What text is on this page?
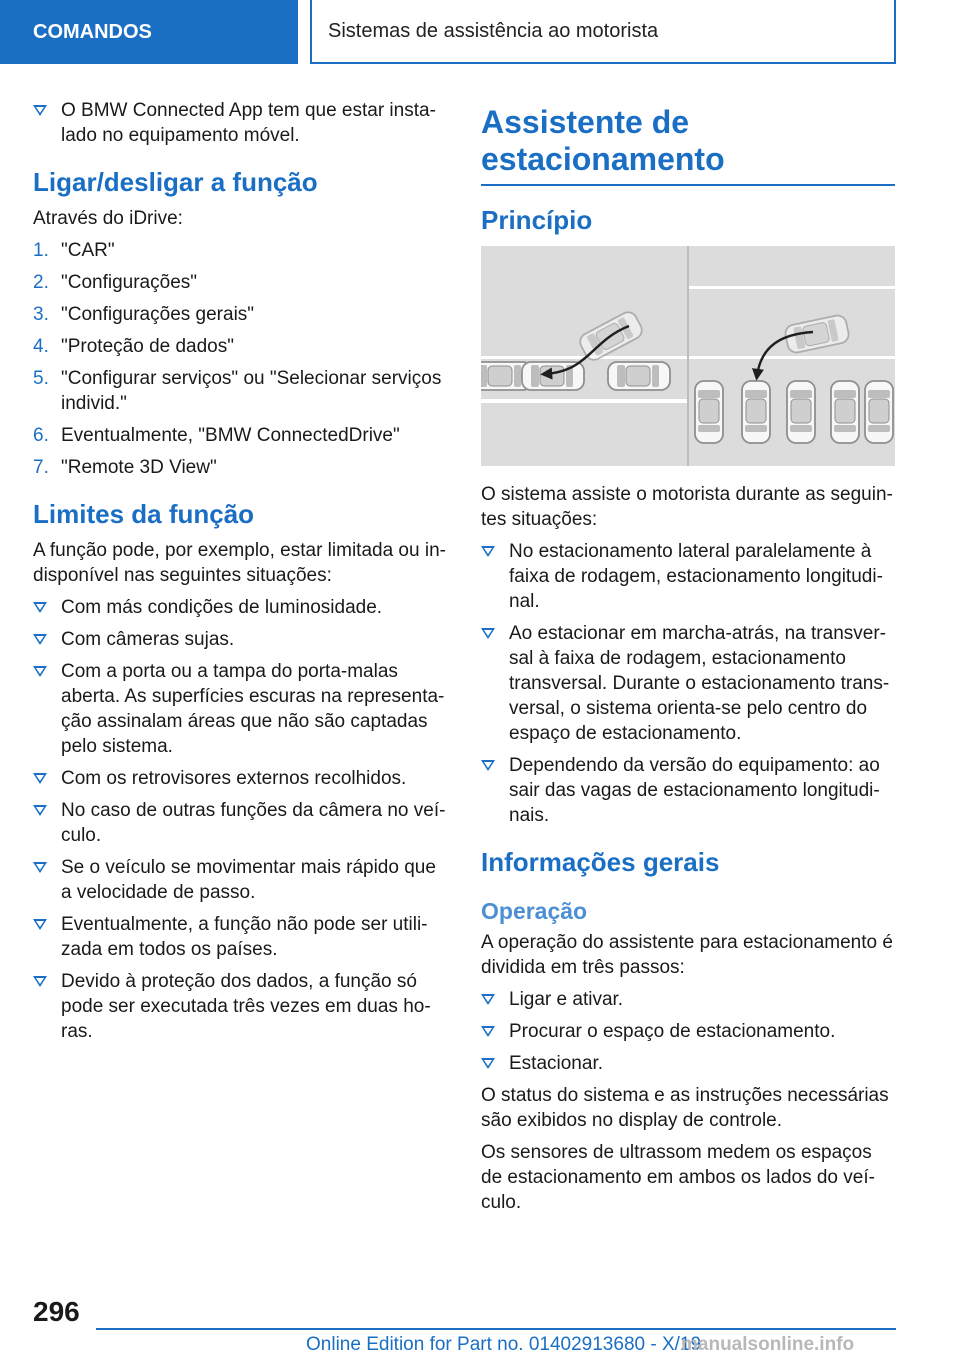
COMANDOS	Sistemas de assistência ao motorista
O BMW Connected App tem que estar insta-lado no equipamento móvel.
Ligar/desligar a função

Através do iDrive:

1. "CAR"
2. "Configurações"
3. "Configurações gerais"
4. "Proteção de dados"
5. "Configurar serviços" ou "Selecionar serviços individ."
6. Eventualmente, "BMW ConnectedDrive"
7. "Remote 3D View"
Limites da função

A função pode, por exemplo, estar limitada ou in-disponível nas seguintes situações:

Com más condições de luminosidade.
Com câmeras sujas.
Com a porta ou a tampa do porta-malas aberta. As superfícies escuras na representa-ção assinalam áreas que não são captadas pelo sistema.
Com os retrovisores externos recolhidos.
No caso de outras funções da câmera no veí-culo.
Se o veículo se movimentar mais rápido que a velocidade de passo.
Eventualmente, a função não pode ser utili-zada em todos os países.
Devido à proteção dos dados, a função só pode ser executada três vezes em duas ho-ras.
Assistente de estacionamento
Princípio

O sistema assiste o motorista durante as seguin-tes situações:

No estacionamento lateral paralelamente à faixa de rodagem, estacionamento longitudi-nal.
Ao estacionar em marcha-atrás, na transver-sal à faixa de rodagem, estacionamento transversal. Durante o estacionamento trans-versal, o sistema orienta-se pelo centro do espaço de estacionamento.
Dependendo da versão do equipamento: ao sair das vagas de estacionamento longitudi-nais.
Informações gerais
Operação

A operação do assistente para estacionamento é dividida em três passos:

Ligar e ativar.
Procurar o espaço de estacionamento.
Estacionar.

O status do sistema e as instruções necessárias são exibidos no display de controle.

Os sensores de ultrassom medem os espaços de estacionamento em ambos os lados do veí-culo.

296
Online Edition for Part no. 01402913680 - X/19
manualsonline.info
